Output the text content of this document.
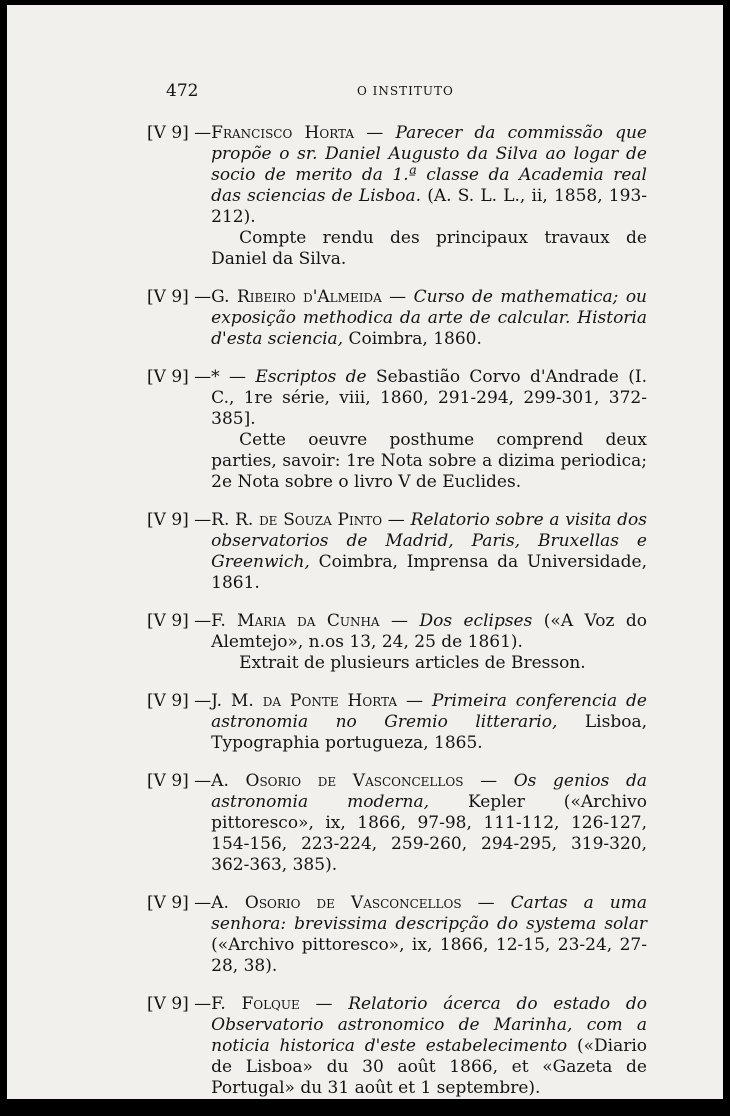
472	O INSTITUTO
[V 9] — Francisco Horta — Parecer da commissão que propõe o sr. Daniel Augusto da Silva ao logar de socio de merito da 1.ª classe da Academia real das sciencias de Lisboa. (A. S. L. L., ii, 1858, 193-212).
Compte rendu des principaux travaux de Daniel da Silva.
[V 9] — G. Ribeiro d'Almeida — Curso de mathematica; ou exposição methodica da arte de calcular. Historia d'esta sciencia, Coimbra, 1860.
[V 9] — * — Escriptos de Sebastião Corvo d'Andrade (I. C., 1re série, viii, 1860, 291-294, 299-301, 372-385].
Cette oeuvre posthume comprend deux parties, savoir: 1re Nota sobre a dizima periodica; 2e Nota sobre o livro V de Euclides.
[V 9] — R. R. de Souza Pinto — Relatorio sobre a visita dos observatorios de Madrid, Paris, Bruxellas e Greenwich, Coimbra, Imprensa da Universidade, 1861.
[V 9] — F. Maria da Cunha — Dos eclipses («A Voz do Alemtejo», n.os 13, 24, 25 de 1861).
Extrait de plusieurs articles de Bresson.
[V 9] — J. M. da Ponte Horta — Primeira conferencia de astronomia no Gremio litterario, Lisboa, Typographia portugueza, 1865.
[V 9] — A. Osorio de Vasconcellos — Os genios da astronomia moderna, Kepler («Archivo pittoresco», ix, 1866, 97-98, 111-112, 126-127, 154-156, 223-224, 259-260, 294-295, 319-320, 362-363, 385).
[V 9] — A. Osorio de Vasconcellos — Cartas a uma senhora: brevissima descripção do systema solar («Archivo pittoresco», ix, 1866, 12-15, 23-24, 27-28, 38).
[V 9] — F. Folque — Relatorio ácerca do estado do Observatorio astronomico de Marinha, com a noticia historica d'este estabelecimento («Diario de Lisboa» du 30 août 1866, et «Gazeta de Portugal» du 31 août et 1 septembre).
